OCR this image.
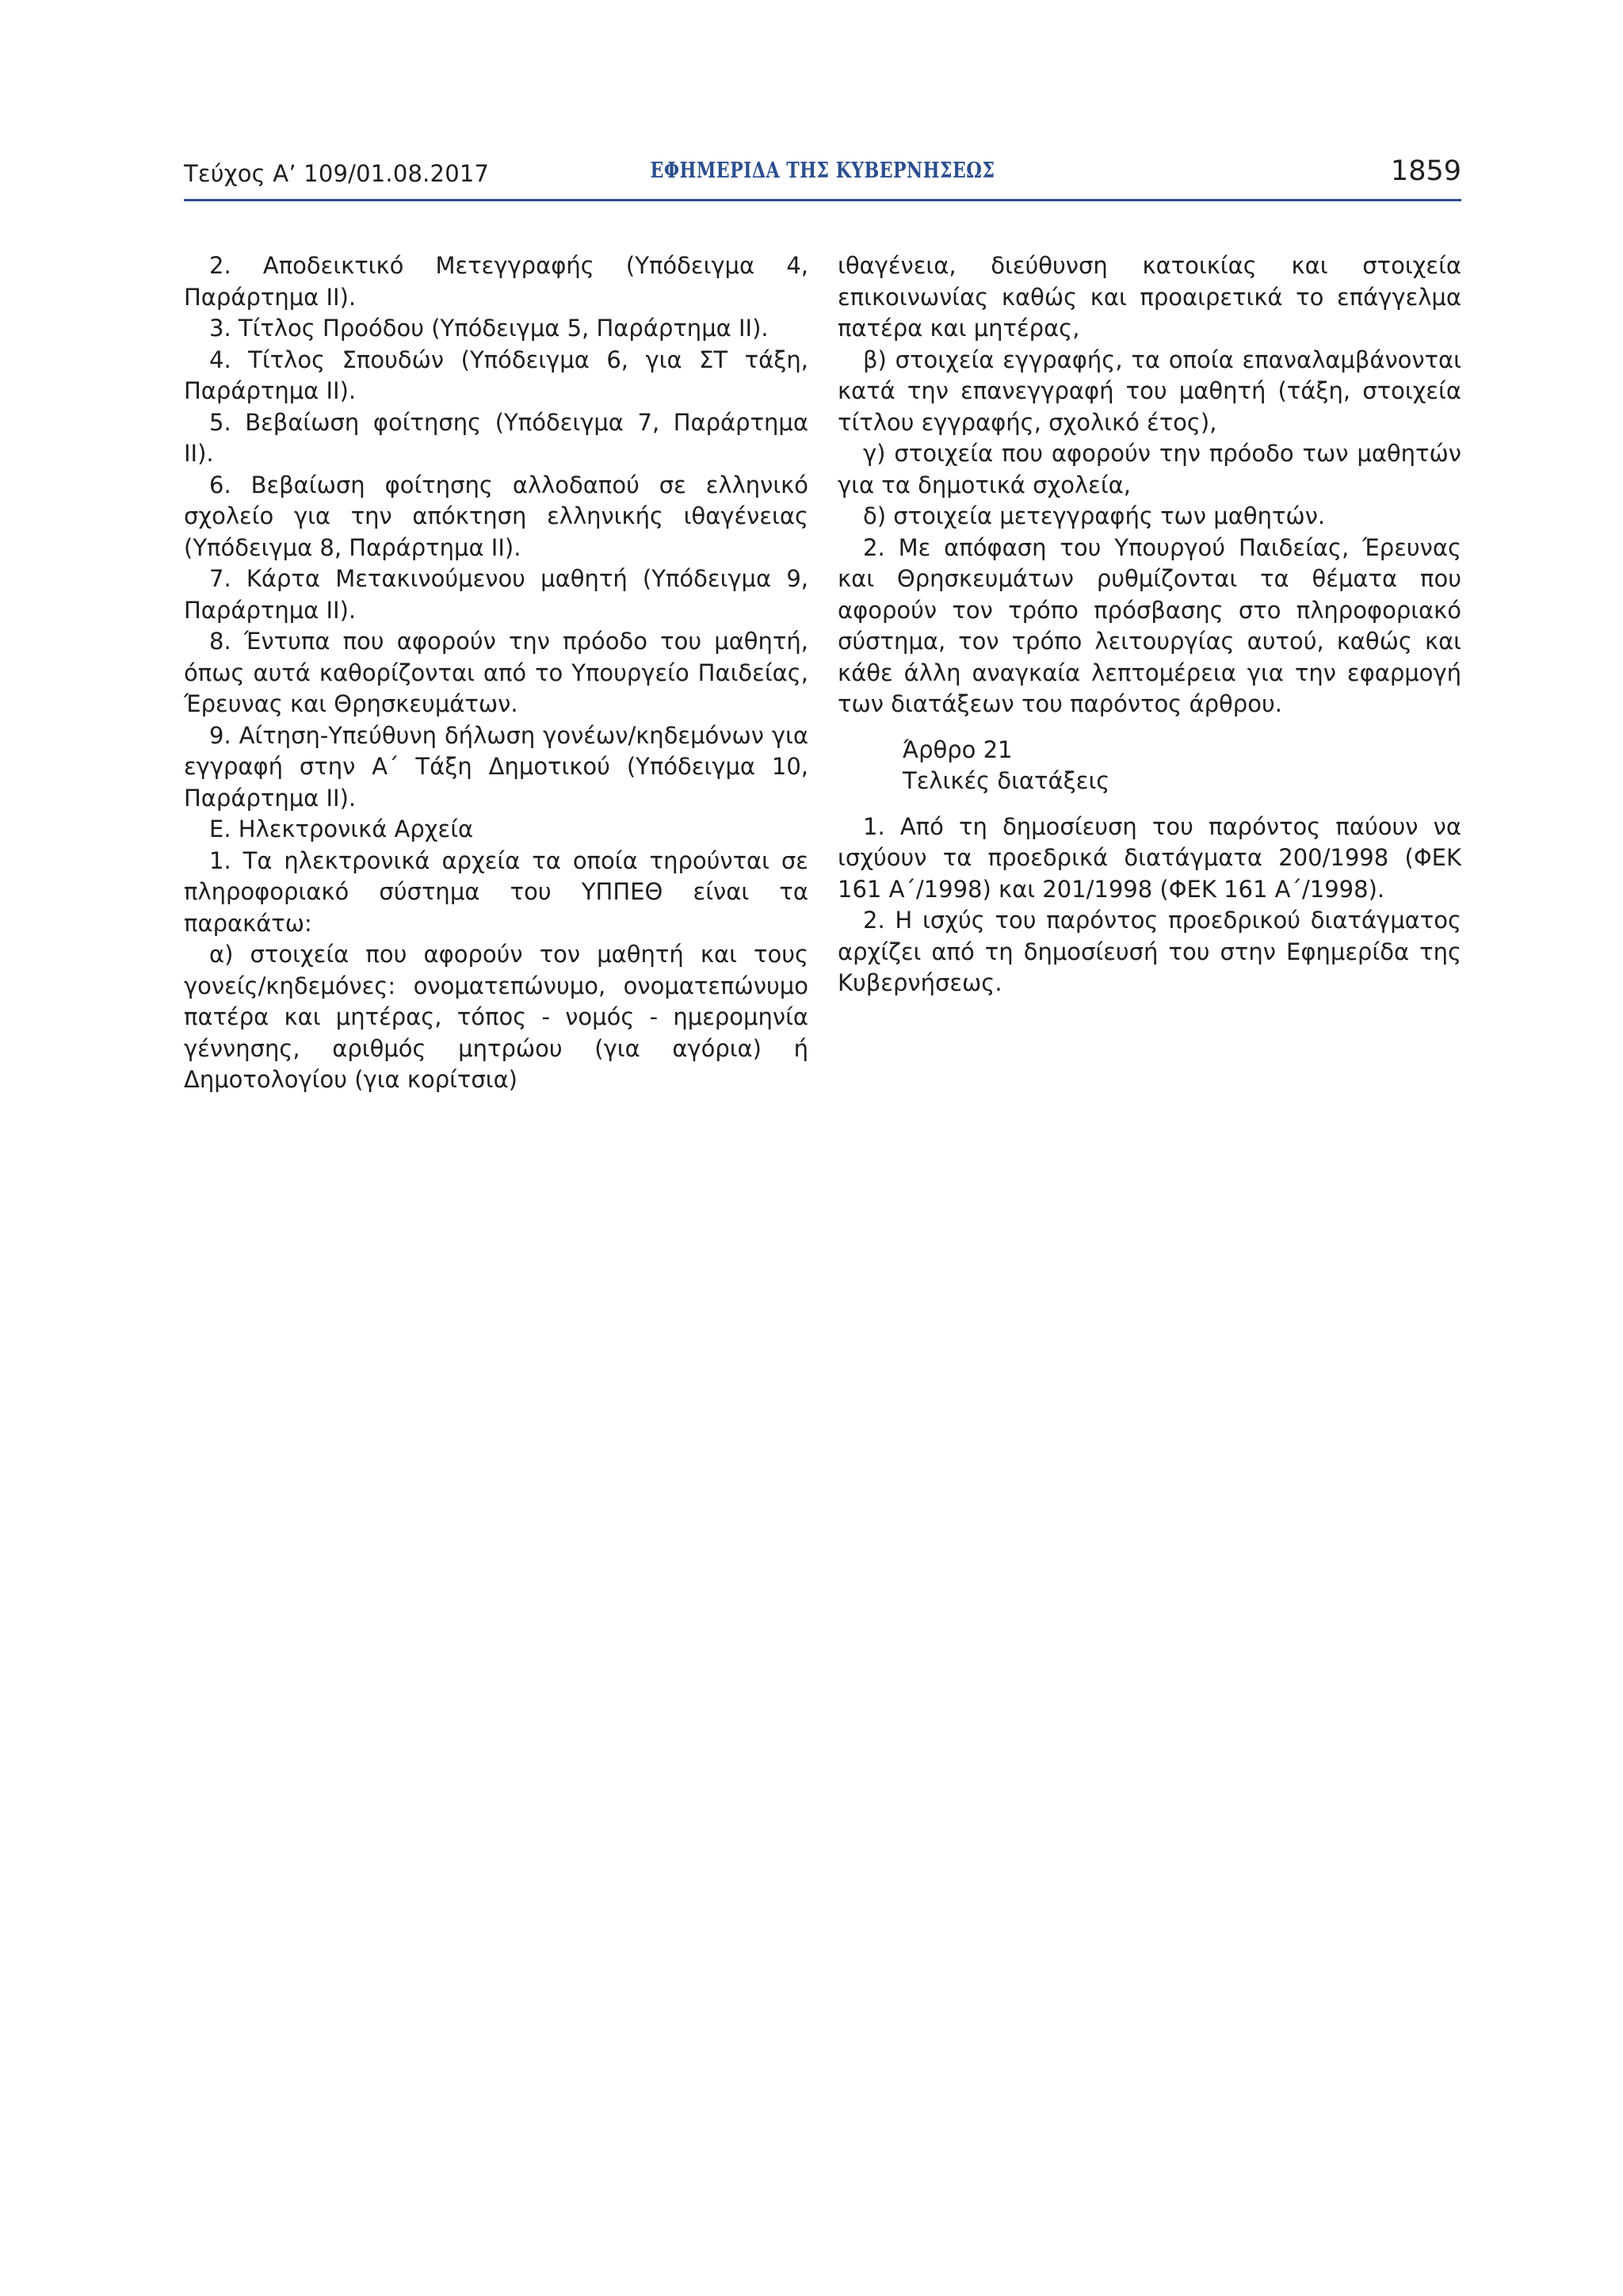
Τεύχος Α’ 109/01.08.2017	ΕΦΗΜΕΡΙΔΑ ΤΗΣ ΚΥΒΕΡΝΗΣΕΩΣ	1859

2. Αποδεικτικό Μετεγγραφής (Υπόδειγμα 4, Παράρτημα ΙΙ).

3. Τίτλος Προόδου (Υπόδειγμα 5, Παράρτημα ΙΙ).

4. Τίτλος Σπουδών (Υπόδειγμα 6, για ΣΤ τάξη, Παράρτημα ΙΙ).

5. Βεβαίωση φοίτησης (Υπόδειγμα 7, Παράρτημα ΙΙ).

6. Βεβαίωση φοίτησης αλλοδαπού σε ελληνικό σχολείο για την απόκτηση ελληνικής ιθαγένειας (Υπόδειγμα 8, Παράρτημα ΙΙ).

7. Κάρτα Μετακινούμενου μαθητή (Υπόδειγμα 9, Παράρτημα ΙΙ).

8. Έντυπα που αφορούν την πρόοδο του μαθητή, όπως αυτά καθορίζονται από το Υπουργείο Παιδείας, Έρευνας και Θρησκευμάτων.

9. Αίτηση-Υπεύθυνη δήλωση γονέων/κηδεμόνων για εγγραφή στην Α΄ Τάξη Δημοτικού (Υπόδειγμα 10, Παράρτημα ΙΙ).

Ε. Ηλεκτρονικά Αρχεία

1. Τα ηλεκτρονικά αρχεία τα οποία τηρούνται σε πληροφοριακό σύστημα του ΥΠΠΕΘ είναι τα παρακάτω:

α) στοιχεία που αφορούν τον μαθητή και τους γονείς/κηδεμόνες: ονοματεπώνυμο, ονοματεπώνυμο πατέρα και μητέρας, τόπος - νομός - ημερομηνία γέννησης, αριθμός μητρώου (για αγόρια) ή Δημοτολογίου (για κορίτσια)

ιθαγένεια, διεύθυνση κατοικίας και στοιχεία επικοινωνίας καθώς και προαιρετικά το επάγγελμα πατέρα και μητέρας,

β) στοιχεία εγγραφής, τα οποία επαναλαμβάνονται κατά την επανεγγραφή του μαθητή (τάξη, στοιχεία τίτλου εγγραφής, σχολικό έτος),

γ) στοιχεία που αφορούν την πρόοδο των μαθητών για τα δημοτικά σχολεία,

δ) στοιχεία μετεγγραφής των μαθητών.

2. Με απόφαση του Υπουργού Παιδείας, Έρευνας και Θρησκευμάτων ρυθμίζονται τα θέματα που αφορούν τον τρόπο πρόσβασης στο πληροφοριακό σύστημα, τον τρόπο λειτουργίας αυτού, καθώς και κάθε άλλη αναγκαία λεπτομέρεια για την εφαρμογή των διατάξεων του παρόντος άρθρου.

Άρθρο 21

Τελικές διατάξεις

1. Από τη δημοσίευση του παρόντος παύουν να ισχύουν τα προεδρικά διατάγματα 200/1998 (ΦΕΚ 161 Α΄/1998) και 201/1998 (ΦΕΚ 161 Α΄/1998).

2. Η ισχύς του παρόντος προεδρικού διατάγματος αρχίζει από τη δημοσίευσή του στην Εφημερίδα της Κυβερνήσεως.
